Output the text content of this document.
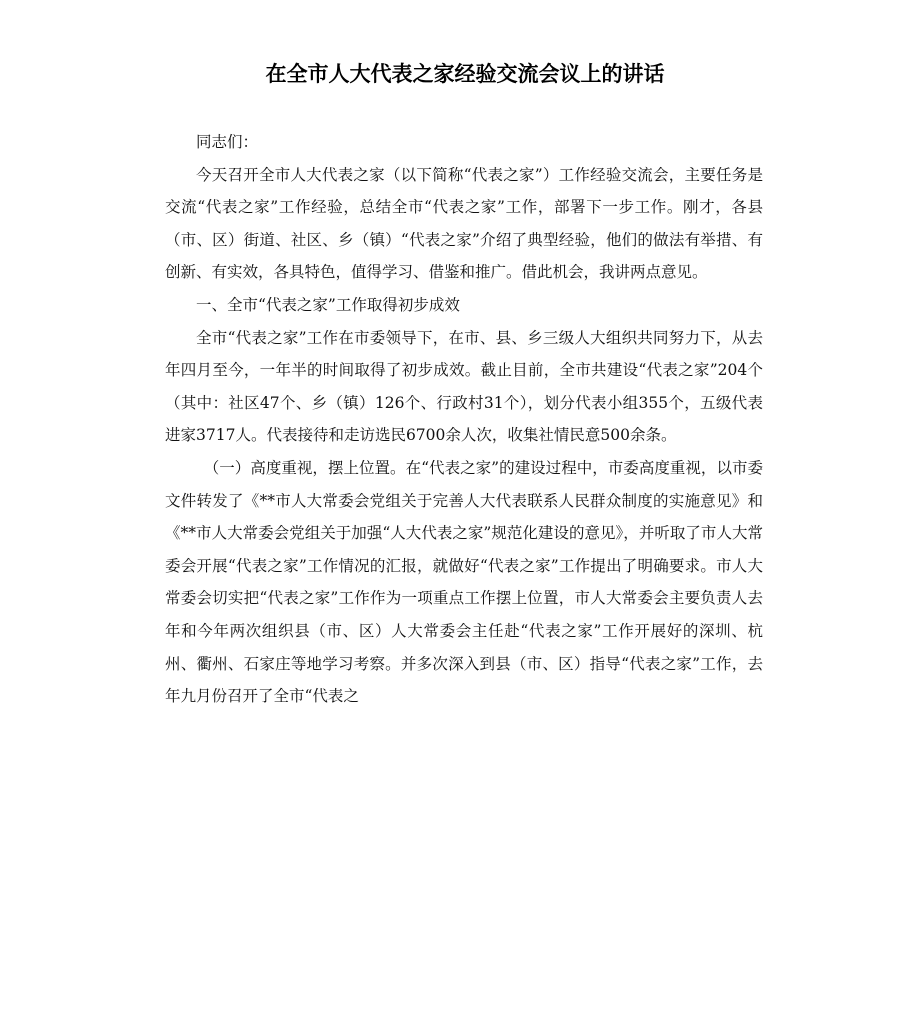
在全市人大代表之家经验交流会议上的讲话

同志们：

今天召开全市人大代表之家（以下简称“代表之家”）工作经验交流会，主要任务是交流“代表之家”工作经验，总结全市“代表之家”工作，部署下一步工作。刚才，各县（市、区）街道、社区、乡（镇）“代表之家”介绍了典型经验，他们的做法有举措、有创新、有实效，各具特色，值得学习、借鉴和推广。借此机会，我讲两点意见。

一、全市“代表之家”工作取得初步成效

全市“代表之家”工作在市委领导下，在市、县、乡三级人大组织共同努力下，从去年四月至今，一年半的时间取得了初步成效。截止目前，全市共建设“代表之家”204个（其中：社区47个、乡（镇）126个、行政村31个），划分代表小组355个，五级代表进家3717人。代表接待和走访选民6700余人次，收集社情民意500余条。

（一）高度重视，摆上位置。在“代表之家”的建设过程中，市委高度重视，以市委文件转发了《**市人大常委会党组关于完善人大代表联系人民群众制度的实施意见》和《**市人大常委会党组关于加强“人大代表之家”规范化建设的意见》，并听取了市人大常委会开展“代表之家”工作情况的汇报，就做好“代表之家”工作提出了明确要求。市人大常委会切实把“代表之家”工作作为一项重点工作摆上位置，市人大常委会主要负责人去年和今年两次组织县（市、区）人大常委会主任赴“代表之家”工作开展好的深圳、杭州、衢州、石家庄等地学习考察。并多次深入到县（市、区）指导“代表之家”工作，去年九月份召开了全市“代表之
